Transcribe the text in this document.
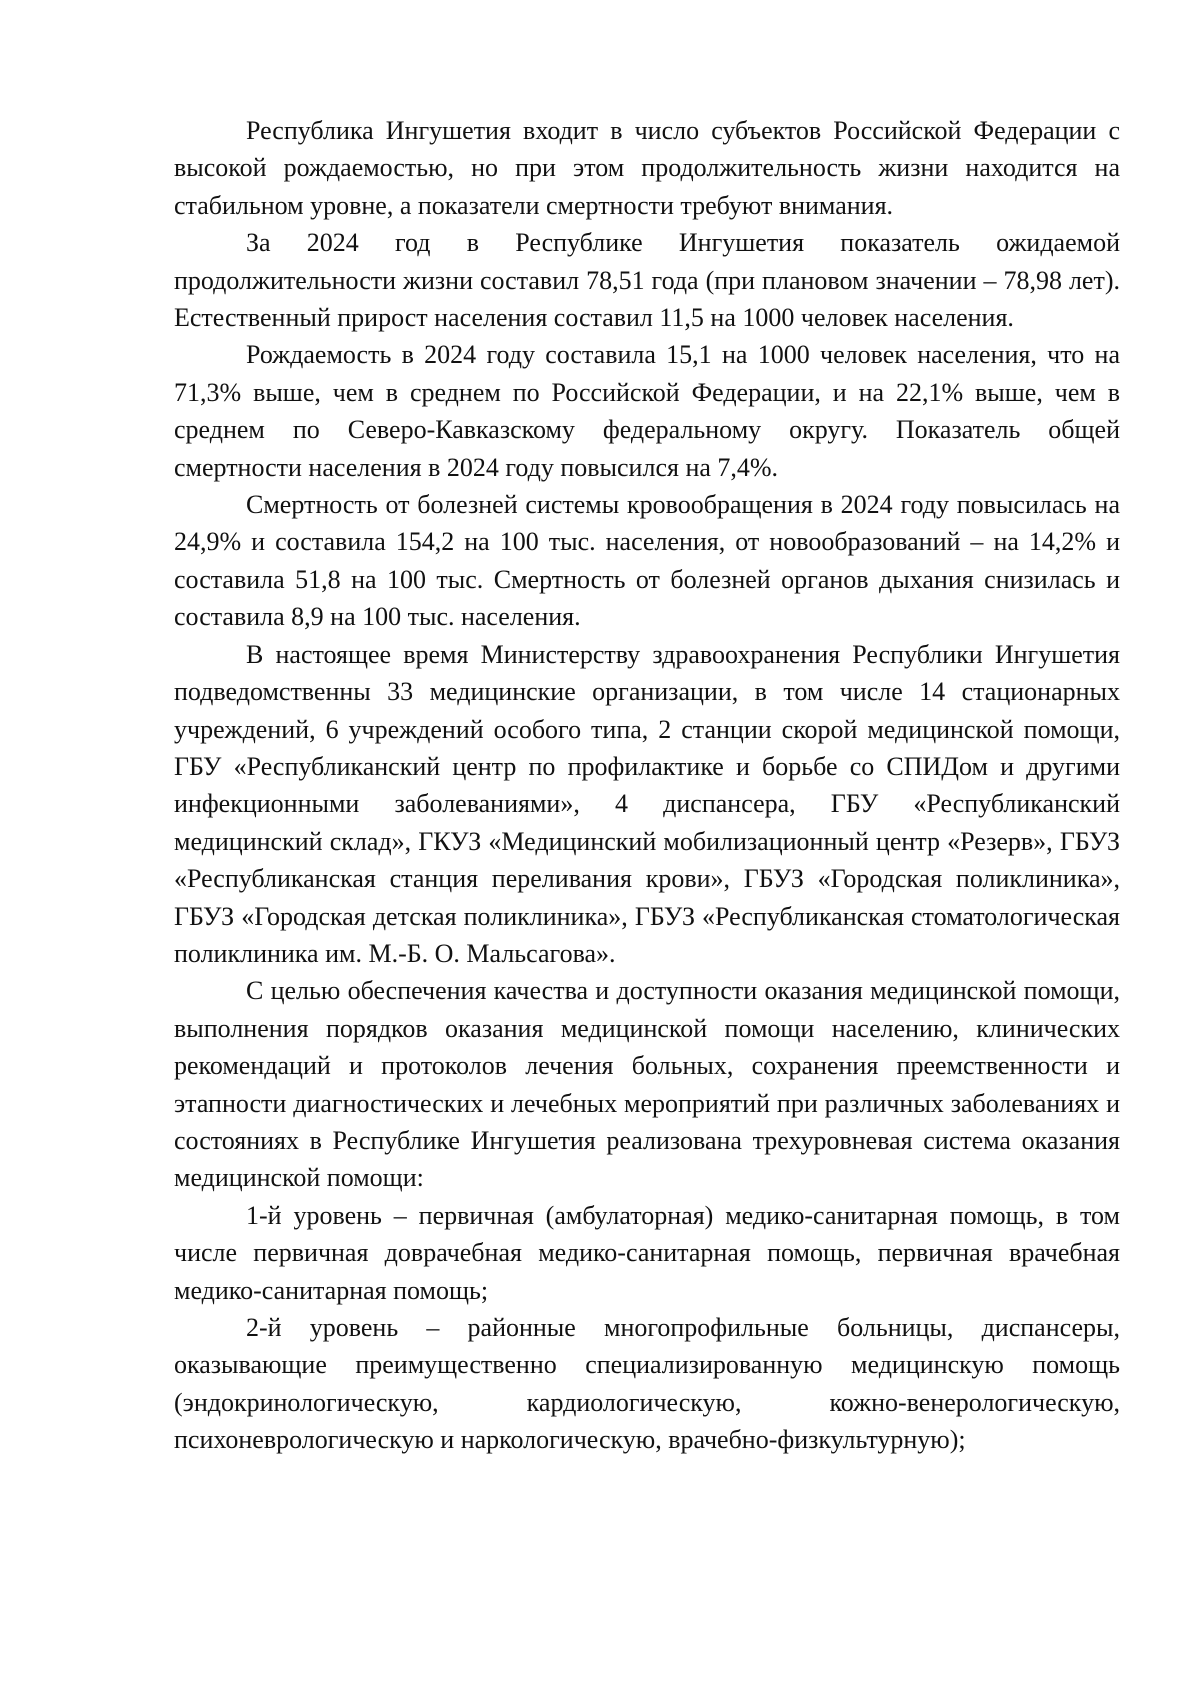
Республика Ингушетия входит в число субъектов Российской Федерации с высокой рождаемостью, но при этом продолжительность жизни находится на стабильном уровне, а показатели смертности требуют внимания.

За 2024 год в Республике Ингушетия показатель ожидаемой продолжительности жизни составил 78,51 года (при плановом значении – 78,98 лет). Естественный прирост населения составил 11,5 на 1000 человек населения.

Рождаемость в 2024 году составила 15,1 на 1000 человек населения, что на 71,3% выше, чем в среднем по Российской Федерации, и на 22,1% выше, чем в среднем по Северо-Кавказскому федеральному округу. Показатель общей смертности населения в 2024 году повысился на 7,4%.

Смертность от болезней системы кровообращения в 2024 году повысилась на 24,9% и составила 154,2 на 100 тыс. населения, от новообразований – на 14,2% и составила 51,8 на 100 тыс. Смертность от болезней органов дыхания снизилась и составила 8,9 на 100 тыс. населения.

В настоящее время Министерству здравоохранения Республики Ингушетия подведомственны 33 медицинские организации, в том числе 14 стационарных учреждений, 6 учреждений особого типа, 2 станции скорой медицинской помощи, ГБУ «Республиканский центр по профилактике и борьбе со СПИДом и другими инфекционными заболеваниями», 4 диспансера, ГБУ «Республиканский медицинский склад», ГКУЗ «Медицинский мобилизационный центр «Резерв», ГБУЗ «Республиканская станция переливания крови», ГБУЗ «Городская поликлиника», ГБУЗ «Городская детская поликлиника», ГБУЗ «Республиканская стоматологическая поликлиника им. М.-Б. О. Мальсагова».

С целью обеспечения качества и доступности оказания медицинской помощи, выполнения порядков оказания медицинской помощи населению, клинических рекомендаций и протоколов лечения больных, сохранения преемственности и этапности диагностических и лечебных мероприятий при различных заболеваниях и состояниях в Республике Ингушетия реализована трехуровневая система оказания медицинской помощи:

1-й уровень – первичная (амбулаторная) медико-санитарная помощь, в том числе первичная доврачебная медико-санитарная помощь, первичная врачебная медико-санитарная помощь;

2-й уровень – районные многопрофильные больницы, диспансеры, оказывающие преимущественно специализированную медицинскую помощь (эндокринологическую, кардиологическую, кожно-венерологическую, психоневрологическую и наркологическую, врачебно-физкультурную);
